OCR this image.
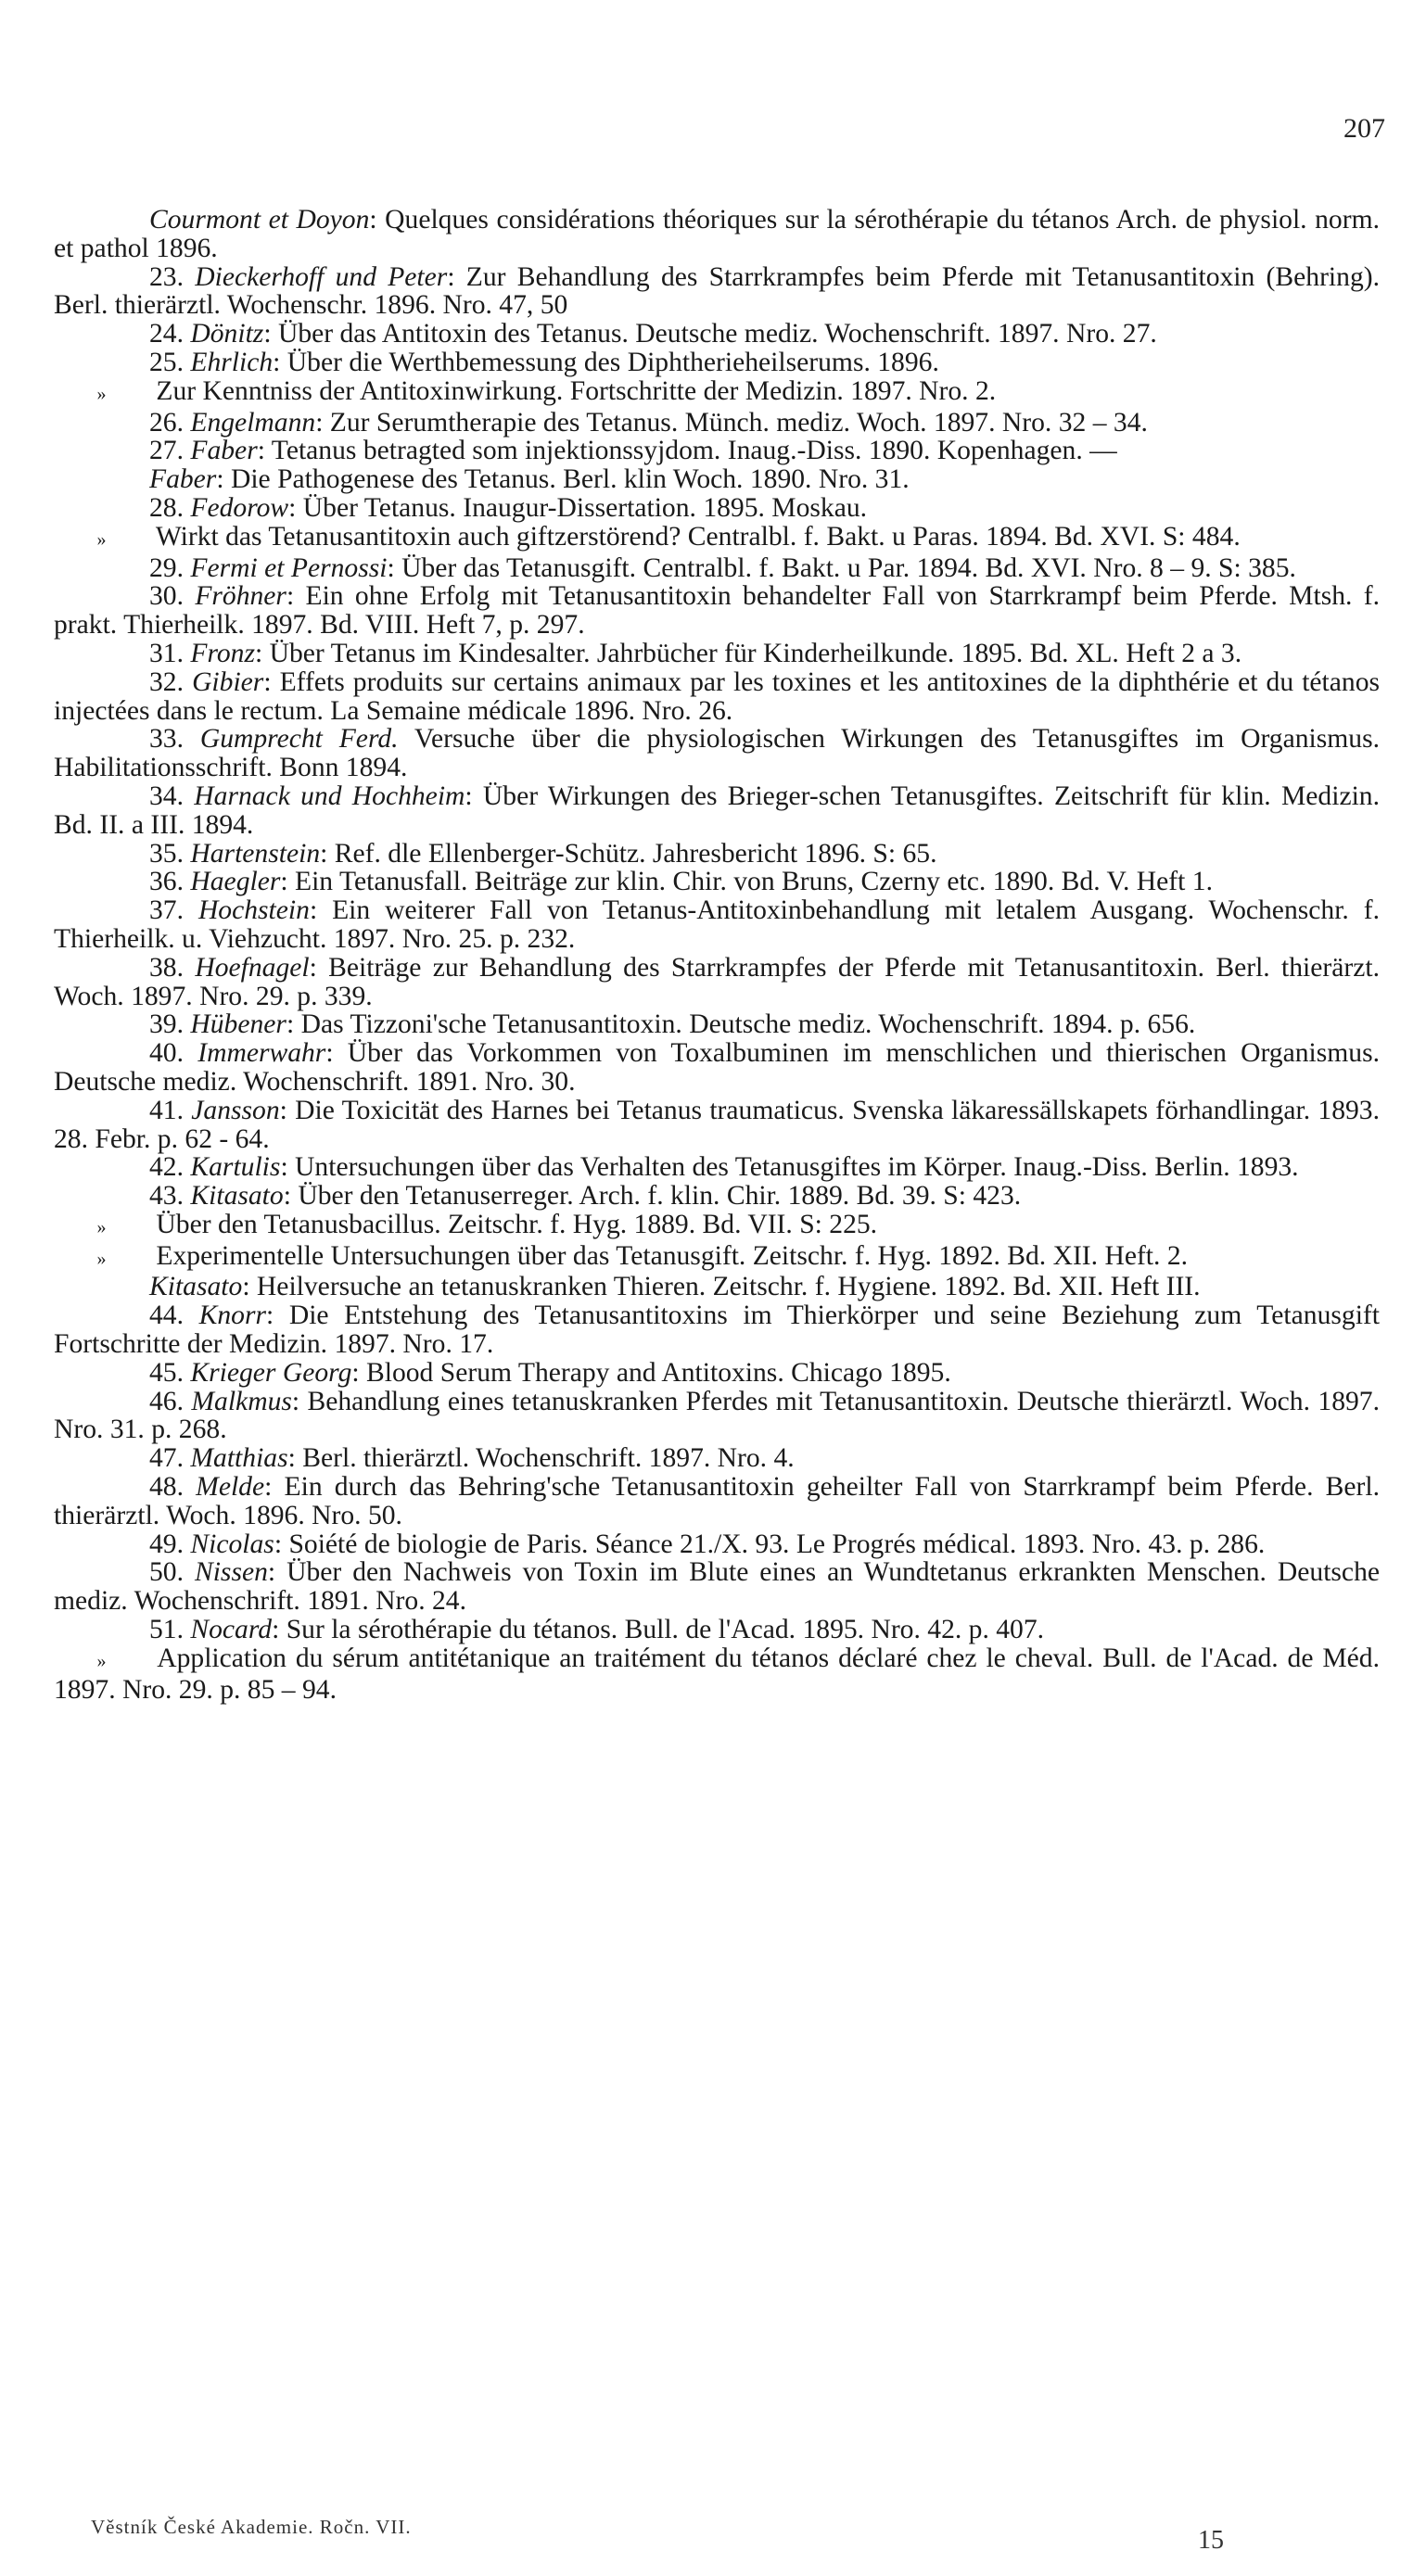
207

Courmont et Doyon: Quelques considérations théoriques sur la sérothérapie du tétanos Arch. de physiol. norm. et pathol 1896.

23. Dieckerhoff und Peter: Zur Behandlung des Starrkrampfes beim Pferde mit Tetanusantitoxin (Behring). Berl. thierärztl. Wochenschr. 1896. Nro. 47, 50

24. Dönitz: Über das Antitoxin des Tetanus. Deutsche mediz. Wochenschrift. 1897. Nro. 27.

25. Ehrlich: Über die Werthbemessung des Diphtherieheilserums. 1896.

» Zur Kenntniss der Antitoxinwirkung. Fortschritte der Medizin. 1897. Nro. 2.

26. Engelmann: Zur Serumtherapie des Tetanus. Münch. mediz. Woch. 1897. Nro. 32 – 34.

27. Faber: Tetanus betragted som injektionssyjdom. Inaug.-Diss. 1890. Kopenhagen. —

Faber: Die Pathogenese des Tetanus. Berl. klin Woch. 1890. Nro. 31.

28. Fedorow: Über Tetanus. Inaugur-Dissertation. 1895. Moskau.

» Wirkt das Tetanusantitoxin auch giftzerstörend? Centralbl. f. Bakt. u Paras. 1894. Bd. XVI. S: 484.

29. Fermi et Pernossi: Über das Tetanusgift. Centralbl. f. Bakt. u Par. 1894. Bd. XVI. Nro. 8 – 9. S: 385.

30. Fröhner: Ein ohne Erfolg mit Tetanusantitoxin behandelter Fall von Starrkrampf beim Pferde. Mtsh. f. prakt. Thierheilk. 1897. Bd. VIII. Heft 7, p. 297.

31. Fronz: Über Tetanus im Kindesalter. Jahrbücher für Kinderheilkunde. 1895. Bd. XL. Heft 2 a 3.

32. Gibier: Effets produits sur certains animaux par les toxines et les antitoxines de la diphthérie et du tétanos injectées dans le rectum. La Semaine médicale 1896. Nro. 26.

33. Gumprecht Ferd. Versuche über die physiologischen Wirkungen des Tetanusgiftes im Organismus. Habilitationsschrift. Bonn 1894.

34. Harnack und Hochheim: Über Wirkungen des Brieger-schen Tetanusgiftes. Zeitschrift für klin. Medizin. Bd. II. a III. 1894.

35. Hartenstein: Ref. dle Ellenberger-Schütz. Jahresbericht 1896. S: 65.

36. Haegler: Ein Tetanusfall. Beiträge zur klin. Chir. von Bruns, Czerny etc. 1890. Bd. V. Heft 1.

37. Hochstein: Ein weiterer Fall von Tetanus-Antitoxinbehandlung mit letalem Ausgang. Wochenschr. f. Thierheilk. u. Viehzucht. 1897. Nro. 25. p. 232.

38. Hoefnagel: Beiträge zur Behandlung des Starrkrampfes der Pferde mit Tetanusantitoxin. Berl. thierärzt. Woch. 1897. Nro. 29. p. 339.

39. Hübener: Das Tizzoni'sche Tetanusantitoxin. Deutsche mediz. Wochenschrift. 1894. p. 656.

40. Immerwahr: Über das Vorkommen von Toxalbuminen im menschlichen und thierischen Organismus. Deutsche mediz. Wochenschrift. 1891. Nro. 30.

41. Jansson: Die Toxicität des Harnes bei Tetanus traumaticus. Svenska läkaressällskapets förhandlingar. 1893. 28. Febr. p. 62 - 64.

42. Kartulis: Untersuchungen über das Verhalten des Tetanusgiftes im Körper. Inaug.-Diss. Berlin. 1893.

43. Kitasato: Über den Tetanuserreger. Arch. f. klin. Chir. 1889. Bd. 39. S: 423.

» Über den Tetanusbacillus. Zeitschr. f. Hyg. 1889. Bd. VII. S: 225.

» Experimentelle Untersuchungen über das Tetanusgift. Zeitschr. f. Hyg. 1892. Bd. XII. Heft. 2.

Kitasato: Heilversuche an tetanuskranken Thieren. Zeitschr. f. Hygiene. 1892. Bd. XII. Heft III.

44. Knorr: Die Entstehung des Tetanusantitoxins im Thierkörper und seine Beziehung zum Tetanusgift Fortschritte der Medizin. 1897. Nro. 17.

45. Krieger Georg: Blood Serum Therapy and Antitoxins. Chicago 1895.

46. Malkmus: Behandlung eines tetanuskranken Pferdes mit Tetanusantitoxin. Deutsche thierärztl. Woch. 1897. Nro. 31. p. 268.

47. Matthias: Berl. thierärztl. Wochenschrift. 1897. Nro. 4.

48. Melde: Ein durch das Behring'sche Tetanusantitoxin geheilter Fall von Starrkrampf beim Pferde. Berl. thierärztl. Woch. 1896. Nro. 50.

49. Nicolas: Soiété de biologie de Paris. Séance 21./X. 93. Le Progrés médical. 1893. Nro. 43. p. 286.

50. Nissen: Über den Nachweis von Toxin im Blute eines an Wundtetanus erkrankten Menschen. Deutsche mediz. Wochenschrift. 1891. Nro. 24.

51. Nocard: Sur la sérothérapie du tétanos. Bull. de l'Acad. 1895. Nro. 42. p. 407.

» Application du sérum antitétanique an traitément du tétanos déclaré chez le cheval. Bull. de l'Acad. de Méd. 1897. Nro. 29. p. 85 – 94.

Věstník České Akademie. Ročn. VII.	15
